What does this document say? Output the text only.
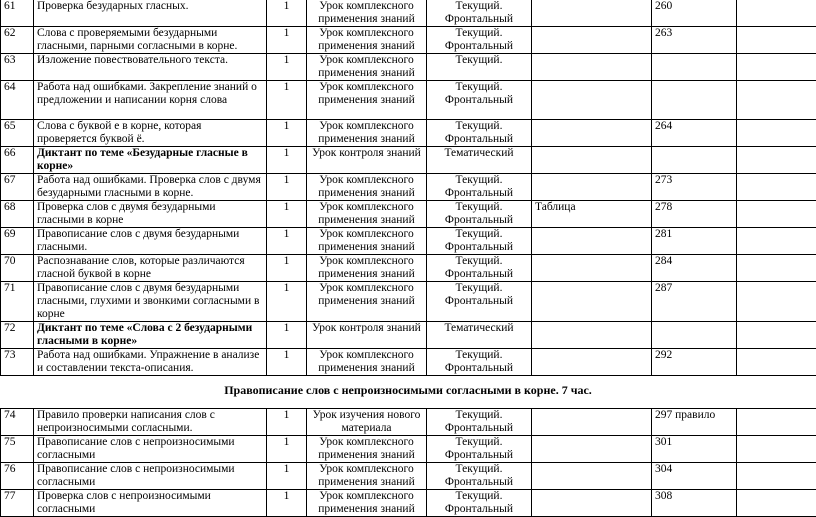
61	Проверка безударных гласных.	1	Урок комплексного применения знаний	Текущий. Фронтальный		260	
62	Слова с проверяемыми безударными гласными, парными согласными в корне.	1	Урок комплексного применения знаний	Текущий. Фронтальный		263	
63	Изложение повествовательного текста.	1	Урок комплексного применения знаний	Текущий.			
64	Работа над ошибками. Закрепление знаний о предложении и написании корня слова	1	Урок комплексного применения знаний	Текущий. Фронтальный			
65	Слова с буквой е в корне, которая проверяется буквой ё.	1	Урок комплексного применения знаний	Текущий. Фронтальный		264	
66	Диктант по теме «Безударные гласные в корне»	1	Урок контроля знаний	Тематический			
67	Работа над ошибками. Проверка слов с двумя безударными гласными в корне.	1	Урок комплексного применения знаний	Текущий. Фронтальный		273	
68	Проверка слов с двумя безударными гласными в корне	1	Урок комплексного применения знаний	Текущий. Фронтальный	Таблица	278	
69	Правописание слов с двумя безударными гласными.	1	Урок комплексного применения знаний	Текущий. Фронтальный		281	
70	Распознавание слов, которые различаются гласной буквой в корне	1	Урок комплексного применения знаний	Текущий. Фронтальный		284	
71	Правописание слов с двумя безударными гласными, глухими и звонкими согласными в корне	1	Урок комплексного применения знаний	Текущий. Фронтальный		287	
72	Диктант по теме «Слова с 2 безударными гласными в корне»	1	Урок контроля знаний	Тематический			
73	Работа над ошибками. Упражнение в анализе и составлении текста-описания.	1	Урок комплексного применения знаний	Текущий. Фронтальный		292	
Правописание слов с непроизносимыми согласными в корне. 7 час.
74	Правило проверки написания слов с непроизносимыми согласными.	1	Урок изучения нового материала	Текущий. Фронтальный		297 правило	
75	Правописание слов с непроизносимыми согласными	1	Урок комплексного применения знаний	Текущий. Фронтальный		301	
76	Правописание слов с непроизносимыми согласными	1	Урок комплексного применения знаний	Текущий. Фронтальный		304	
77	Проверка слов с непроизносимыми согласными	1	Урок комплексного применения знаний	Текущий. Фронтальный		308	
